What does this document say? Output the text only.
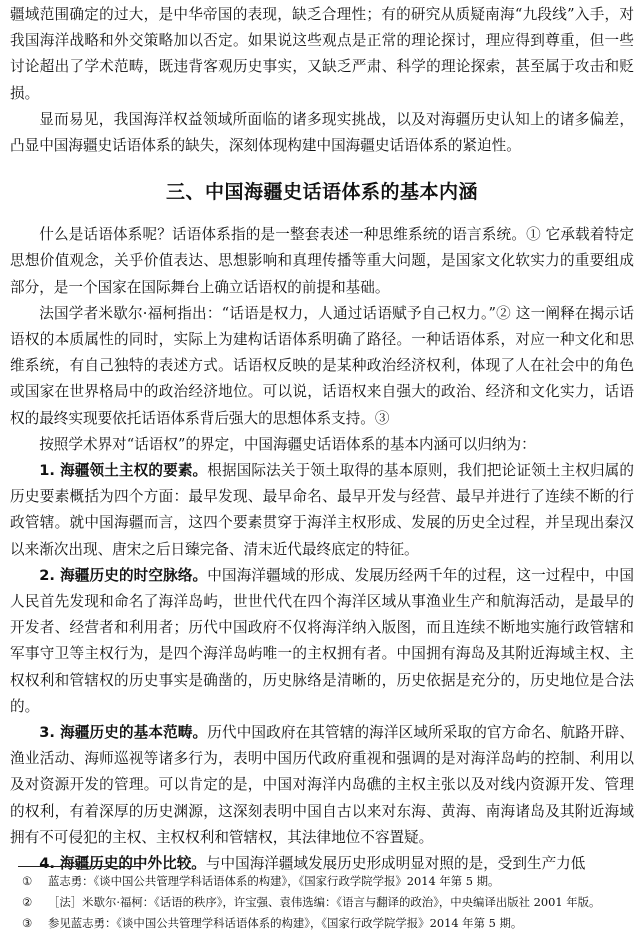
疆域范围确定的过大，是中华帝国的表现，缺乏合理性；有的研究从质疑南海“九段线”入手，对我国海洋战略和外交策略加以否定。如果说这些观点是正常的理论探讨，理应得到尊重，但一些讨论超出了学术范畴，既违背客观历史事实，又缺乏严肃、科学的理论探索，甚至属于攻击和贬损。

显而易见，我国海洋权益领域所面临的诸多现实挑战，以及对海疆历史认知上的诸多偏差，凸显中国海疆史话语体系的缺失，深刻体现构建中国海疆史话语体系的紧迫性。

三、中国海疆史话语体系的基本内涵

什么是话语体系呢？话语体系指的是一整套表述一种思维系统的语言系统。① 它承载着特定思想价值观念，关乎价值表达、思想影响和真理传播等重大问题，是国家文化软实力的重要组成部分，是一个国家在国际舞台上确立话语权的前提和基础。

法国学者米歇尔·福柯指出：“话语是权力，人通过话语赋予自己权力。”② 这一阐释在揭示话语权的本质属性的同时，实际上为建构话语体系明确了路径。一种话语体系，对应一种文化和思维系统，有自己独特的表述方式。话语权反映的是某种政治经济权利，体现了人在社会中的角色或国家在世界格局中的政治经济地位。可以说，话语权来自强大的政治、经济和文化实力，话语权的最终实现要依托话语体系背后强大的思想体系支持。③

按照学术界对“话语权”的界定，中国海疆史话语体系的基本内涵可以归纳为：

1. 海疆领土主权的要素。根据国际法关于领土取得的基本原则，我们把论证领土主权归属的历史要素概括为四个方面：最早发现、最早命名、最早开发与经营、最早并进行了连续不断的行政管辖。就中国海疆而言，这四个要素贯穿于海洋主权形成、发展的历史全过程，并呈现出秦汉以来渐次出现、唐宋之后日臻完备、清末近代最终底定的特征。

2. 海疆历史的时空脉络。中国海洋疆域的形成、发展历经两千年的过程，这一过程中，中国人民首先发现和命名了海洋岛屿，世世代代在四个海洋区域从事渔业生产和航海活动，是最早的开发者、经营者和利用者；历代中国政府不仅将海洋纳入版图，而且连续不断地实施行政管辖和军事守卫等主权行为，是四个海洋岛屿唯一的主权拥有者。中国拥有海岛及其附近海域主权、主权权利和管辖权的历史事实是确凿的，历史脉络是清晰的，历史依据是充分的，历史地位是合法的。

3. 海疆历史的基本范畴。历代中国政府在其管辖的海洋区域所采取的官方命名、航路开辟、渔业活动、海师巡视等诸多行为，表明中国历代政府重视和强调的是对海洋岛屿的控制、利用以及对资源开发的管理。可以肯定的是，中国对海洋内岛礁的主权主张以及对线内资源开发、管理的权利，有着深厚的历史渊源，这深刻表明中国自古以来对东海、黄海、南海诸岛及其附近海域拥有不可侵犯的主权、主权权利和管辖权，其法律地位不容置疑。

4. 海疆历史的中外比较。与中国海洋疆域发展历史形成明显对照的是，受到生产力低

① 蓝志勇：《谈中国公共管理学科话语体系的构建》，《国家行政学院学报》2014 年第 5 期。

② ［法］米歇尔·福柯：《话语的秩序》，许宝强、袁伟选编：《语言与翻译的政治》，中央编译出版社 2001 年版。

③ 参见蓝志勇：《谈中国公共管理学科话语体系的构建》，《国家行政学院学报》2014 年第 5 期。
